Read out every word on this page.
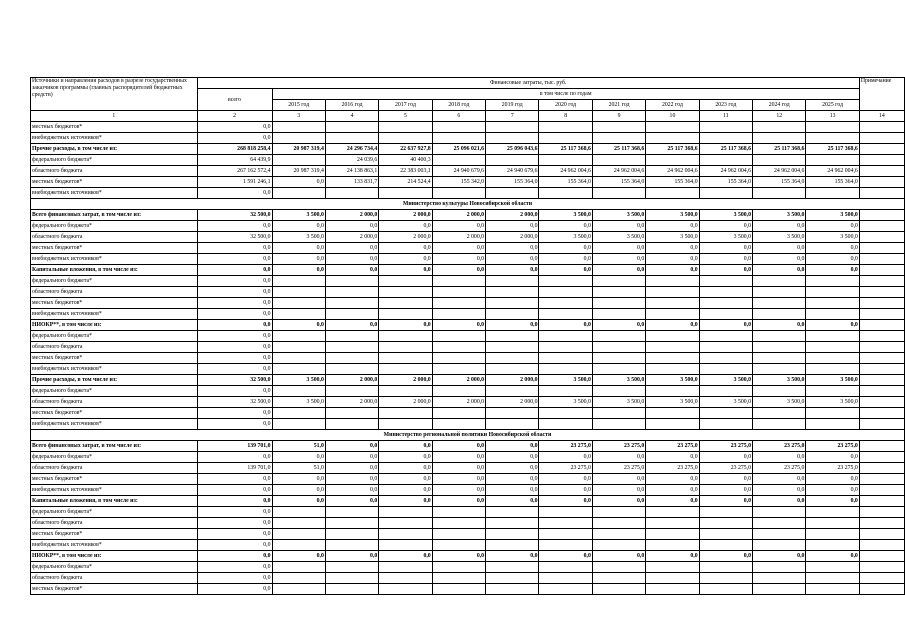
Источники и направления расходов в разрезе государственных заказчиков программы (главных распорядителей бюджетных средств)	Финансовые затраты, тыс. руб.												Примечание
	всего	в том числе по годам											
		2015 год	2016 год	2017 год	2018 год	2019 год	2020 год	2021 год	2022 год	2023 год	2024 год	2025 год	
1	2	3	4	5	6	7	8	9	10	11	12	13	14
местных бюджетов*	0,0												
внебюджетных источников*	0,0												
Прочие расходы, в том числе из:	268 818 258,4	20 987 319,4	24 296 734,4	22 637 927,8	25 096 021,6	25 096 043,6	25 117 368,6	25 117 368,6	25 117 368,6	25 117 368,6	25 117 368,6	25 117 368,6	
федерального бюджета*	64 439,9		24 039,6	40 400,3									
областного бюджета	267 162 572,4	20 987 319,4	24 138 863,1	22 383 003,1	24 940 679,6	24 940 679,6	24 962 004,6	24 962 004,6	24 962 004,6	24 962 004,6	24 962 004,6	24 962 004,6	
местных бюджетов*	1 591 246,1	0,0	133 831,7	214 524,4	155 342,0	155 364,0	155 364,0	155 364,0	155 364,0	155 364,0	155 364,0	155 364,0	
внебюджетных источников*	0,0												
Министерство культуры Новосибирской области													
Всего финансовых затрат, в том числе из:	32 500,0	3 500,0	2 000,0	2 000,0	2 000,0	2 000,0	3 500,0	3 500,0	3 500,0	3 500,0	3 500,0	3 500,0	
федерального бюджета*	0,0	0,0	0,0	0,0	0,0	0,0	0,0	0,0	0,0	0,0	0,0	0,0	
областного бюджета	32 500,0	3 500,0	2 000,0	2 000,0	2 000,0	2 000,0	3 500,0	3 500,0	3 500,0	3 500,0	3 500,0	3 500,0	
местных бюджетов*	0,0	0,0	0,0	0,0	0,0	0,0	0,0	0,0	0,0	0,0	0,0	0,0	
внебюджетных источников*	0,0	0,0	0,0	0,0	0,0	0,0	0,0	0,0	0,0	0,0	0,0	0,0	
Капитальные вложения, в том числе из:	0,0	0,0	0,0	0,0	0,0	0,0	0,0	0,0	0,0	0,0	0,0	0,0	
федерального бюджета*	0,0												
областного бюджета	0,0												
местных бюджетов*	0,0												
внебюджетных источников*	0,0												
НИОКР**, в том числе из:	0,0	0,0	0,0	0,0	0,0	0,0	0,0	0,0	0,0	0,0	0,0	0,0	
федерального бюджета*	0,0												
областного бюджета	0,0												
местных бюджетов*	0,0												
внебюджетных источников*	0,0												
Прочие расходы, в том числе из:	32 500,0	3 500,0	2 000,0	2 000,0	2 000,0	2 000,0	3 500,0	3 500,0	3 500,0	3 500,0	3 500,0	3 500,0	
федерального бюджета*	0,0												
областного бюджета	32 500,0	3 500,0	2 000,0	2 000,0	2 000,0	2 000,0	3 500,0	3 500,0	3 500,0	3 500,0	3 500,0	3 500,0	
местных бюджетов*	0,0												
внебюджетных источников*	0,0												
Министерство региональной политики Новосибирской области													
Всего финансовых затрат, в том числе из:	139 701,0	51,0	0,0	0,0	0,0	0,0	23 275,0	23 275,0	23 275,0	23 275,0	23 275,0	23 275,0	
федерального бюджета*	0,0	0,0	0,0	0,0	0,0	0,0	0,0	0,0	0,0	0,0	0,0	0,0	
областного бюджета	139 701,0	51,0	0,0	0,0	0,0	0,0	23 275,0	23 275,0	23 275,0	23 275,0	23 275,0	23 275,0	
местных бюджетов*	0,0	0,0	0,0	0,0	0,0	0,0	0,0	0,0	0,0	0,0	0,0	0,0	
внебюджетных источников*	0,0	0,0	0,0	0,0	0,0	0,0	0,0	0,0	0,0	0,0	0,0	0,0	
Капитальные вложения, в том числе из:	0,0	0,0	0,0	0,0	0,0	0,0	0,0	0,0	0,0	0,0	0,0	0,0	
федерального бюджета*	0,0												
областного бюджета	0,0												
местных бюджетов*	0,0												
внебюджетных источников*	0,0												
НИОКР**, в том числе из:	0,0	0,0	0,0	0,0	0,0	0,0	0,0	0,0	0,0	0,0	0,0	0,0	
федерального бюджета*	0,0												
областного бюджета	0,0												
местных бюджетов*	0,0												
